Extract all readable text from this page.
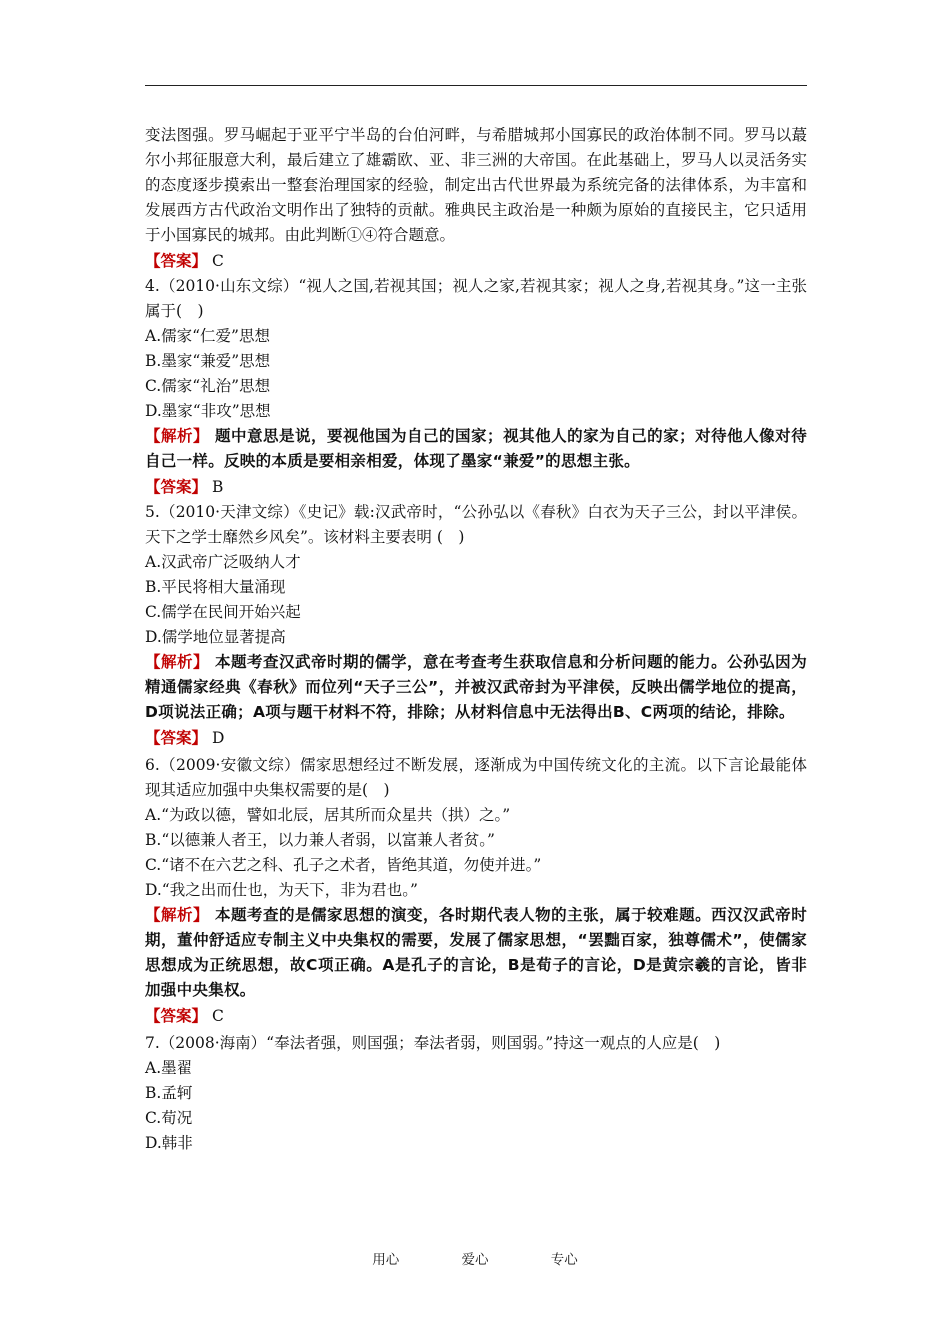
变法图强。罗马崛起于亚平宁半岛的台伯河畔，与希腊城邦小国寡民的政治体制不同。罗马以蕞尔小邦征服意大利，最后建立了雄霸欧、亚、非三洲的大帝国。在此基础上，罗马人以灵活务实的态度逐步摸索出一整套治理国家的经验，制定出古代世界最为系统完备的法律体系，为丰富和发展西方古代政治文明作出了独特的贡献。雅典民主政治是一种颇为原始的直接民主，它只适用于小国寡民的城邦。由此判断①④符合题意。

【答案】 C

4.（2010·山东文综）“视人之国,若视其国；视人之家,若视其家；视人之身,若视其身。”这一主张属于(　)

A.儒家“仁爱”思想

B.墨家“兼爱”思想

C.儒家“礼治”思想

D.墨家“非攻”思想

【解析】 题中意思是说，要视他国为自己的国家；视其他人的家为自己的家；对待他人像对待自己一样。反映的本质是要相亲相爱，体现了墨家“兼爱”的思想主张。

【答案】 B

5.（2010·天津文综）《史记》载:汉武帝时，“公孙弘以《春秋》白衣为天子三公，封以平津侯。天下之学士靡然乡风矣”。该材料主要表明 (　)

A.汉武帝广泛吸纳人才

B.平民将相大量涌现

C.儒学在民间开始兴起

D.儒学地位显著提高

【解析】 本题考查汉武帝时期的儒学，意在考查考生获取信息和分析问题的能力。公孙弘因为精通儒家经典《春秋》而位列“天子三公”，并被汉武帝封为平津侯，反映出儒学地位的提高，D项说法正确；A项与题干材料不符，排除；从材料信息中无法得出B、C两项的结论，排除。

【答案】 D

6.（2009·安徽文综）儒家思想经过不断发展，逐渐成为中国传统文化的主流。以下言论最能体现其适应加强中央集权需要的是(　)

A.“为政以德，譬如北辰，居其所而众星共（拱）之。”

B.“以德兼人者王，以力兼人者弱，以富兼人者贫。”

C.“诸不在六艺之科、孔子之术者，皆绝其道，勿使并进。”

D.“我之出而仕也，为天下，非为君也。”

【解析】 本题考查的是儒家思想的演变，各时期代表人物的主张，属于较难题。西汉汉武帝时期，董仲舒适应专制主义中央集权的需要，发展了儒家思想，“罢黜百家，独尊儒术”，使儒家思想成为正统思想，故C项正确。A是孔子的言论，B是荀子的言论，D是黄宗羲的言论，皆非加强中央集权。

【答案】 C

7.（2008·海南）“奉法者强，则国强；奉法者弱，则国弱。”持这一观点的人应是(　)

A.墨翟

B.孟轲

C.荀况

D.韩非

用心	爱心	专心
